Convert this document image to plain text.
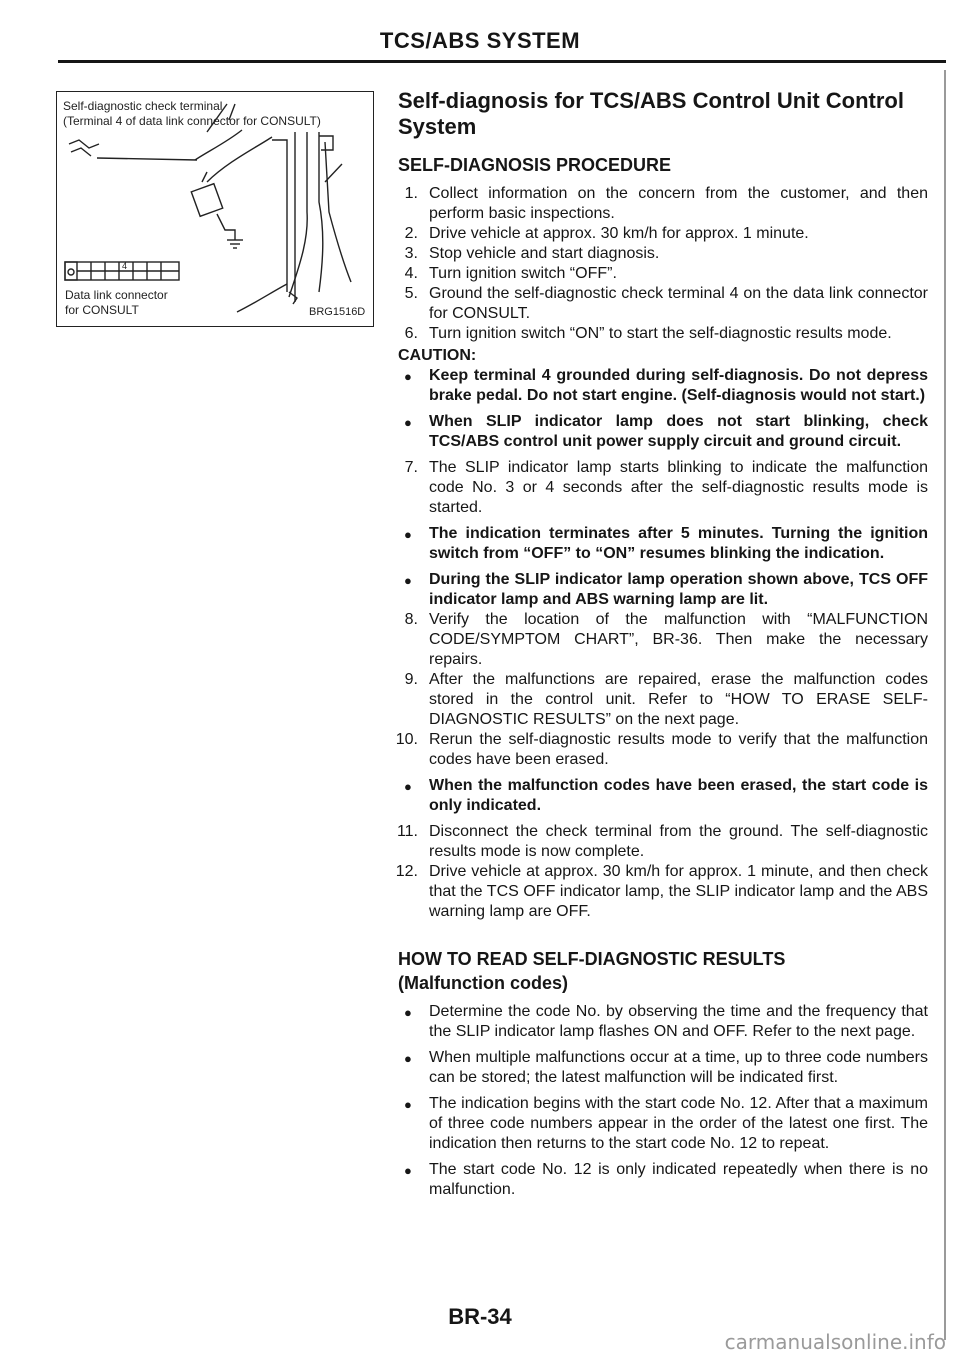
TCS/ABS SYSTEM
Self-diagnostic check terminal
(Terminal 4 of data link connector for CONSULT)
4
Data link connector
for CONSULT	BRG1516D
Self-diagnosis for TCS/ABS Control Unit Control System
SELF-DIAGNOSIS PROCEDURE
1. Collect information on the concern from the customer, and then perform basic inspections.
2. Drive vehicle at approx. 30 km/h for approx. 1 minute.
3. Stop vehicle and start diagnosis.
4. Turn ignition switch “OFF”.
5. Ground the self-diagnostic check terminal 4 on the data link connector for CONSULT.
6. Turn ignition switch “ON” to start the self-diagnostic results mode.
CAUTION:
● Keep terminal 4 grounded during self-diagnosis. Do not depress brake pedal. Do not start engine. (Self-diagnosis would not start.)
● When SLIP indicator lamp does not start blinking, check TCS/ABS control unit power supply circuit and ground circuit.
7. The SLIP indicator lamp starts blinking to indicate the malfunction code No. 3 or 4 seconds after the self-diagnostic results mode is started.
● The indication terminates after 5 minutes. Turning the ignition switch from “OFF” to “ON” resumes blinking the indication.
● During the SLIP indicator lamp operation shown above, TCS OFF indicator lamp and ABS warning lamp are lit.
8. Verify the location of the malfunction with “MALFUNCTION CODE/SYMPTOM CHART”, BR-36. Then make the necessary repairs.
9. After the malfunctions are repaired, erase the malfunction codes stored in the control unit. Refer to “HOW TO ERASE SELF-DIAGNOSTIC RESULTS” on the next page.
10. Rerun the self-diagnostic results mode to verify that the malfunction codes have been erased.
● When the malfunction codes have been erased, the start code is only indicated.
11. Disconnect the check terminal from the ground. The self-diagnostic results mode is now complete.
12. Drive vehicle at approx. 30 km/h for approx. 1 minute, and then check that the TCS OFF indicator lamp, the SLIP indicator lamp and the ABS warning lamp are OFF.
HOW TO READ SELF-DIAGNOSTIC RESULTS
(Malfunction codes)
● Determine the code No. by observing the time and the frequency that the SLIP indicator lamp flashes ON and OFF. Refer to the next page.
● When multiple malfunctions occur at a time, up to three code numbers can be stored; the latest malfunction will be indicated first.
● The indication begins with the start code No. 12. After that a maximum of three code numbers appear in the order of the latest one first. The indication then returns to the start code No. 12 to repeat.
● The start code No. 12 is only indicated repeatedly when there is no malfunction.
BR-34
carmanualsonline.info
